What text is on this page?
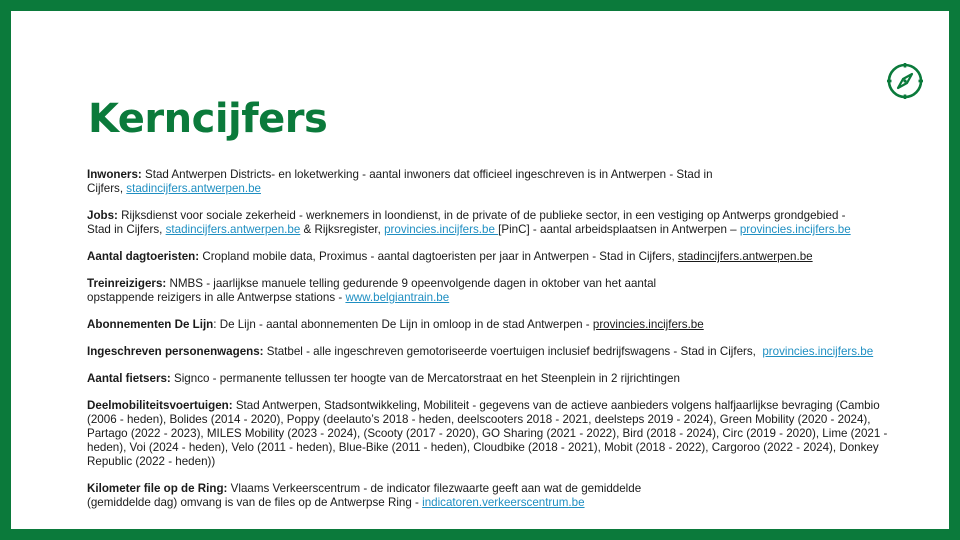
Kerncijfers

Inwoners: Stad Antwerpen Districts- en loketwerking - aantal inwoners dat officieel ingeschreven is in Antwerpen - Stad in
Cijfers, stadincijfers.antwerpen.be

Jobs: Rijksdienst voor sociale zekerheid - werknemers in loondienst, in de private of de publieke sector, in een vestiging op Antwerps grondgebied -
Stad in Cijfers, stadincijfers.antwerpen.be & Rijksregister, provincies.incijfers.be [PinC] - aantal arbeidsplaatsen in Antwerpen – provincies.incijfers.be

Aantal dagtoeristen: Cropland mobile data, Proximus - aantal dagtoeristen per jaar in Antwerpen - Stad in Cijfers, stadincijfers.antwerpen.be

Treinreizigers: NMBS - jaarlijkse manuele telling gedurende 9 opeenvolgende dagen in oktober van het aantal
opstappende reizigers in alle Antwerpse stations - www.belgiantrain.be

Abonnementen De Lijn: De Lijn - aantal abonnementen De Lijn in omloop in de stad Antwerpen - provincies.incijfers.be

Ingeschreven personenwagens: Statbel - alle ingeschreven gemotoriseerde voertuigen inclusief bedrijfswagens - Stad in Cijfers,  provincies.incijfers.be

Aantal fietsers: Signco - permanente tellussen ter hoogte van de Mercatorstraat en het Steenplein in 2 rijrichtingen

Deelmobiliteitsvoertuigen: Stad Antwerpen, Stadsontwikkeling, Mobiliteit - gegevens van de actieve aanbieders volgens halfjaarlijkse bevraging (Cambio (2006 - heden), Bolides (2014 - 2020), Poppy (deelauto’s 2018 - heden, deelscooters 2018 - 2021, deelsteps 2019 - 2024), Green Mobility (2020 - 2024), Partago (2022 - 2023), MILES Mobility (2023 - 2024), (Scooty (2017 - 2020), GO Sharing (2021 - 2022), Bird (2018 - 2024), Circ (2019 - 2020), Lime (2021 - heden), Voi (2024 - heden), Velo (2011 - heden), Blue-Bike (2011 - heden), Cloudbike (2018 - 2021), Mobit (2018 - 2022), Cargoroo (2022 - 2024), Donkey Republic (2022 - heden))

Kilometer file op de Ring: Vlaams Verkeerscentrum - de indicator filezwaarte geeft aan wat de gemiddelde
(gemiddelde dag) omvang is van de files op de Antwerpse Ring - indicatoren.verkeerscentrum.be
